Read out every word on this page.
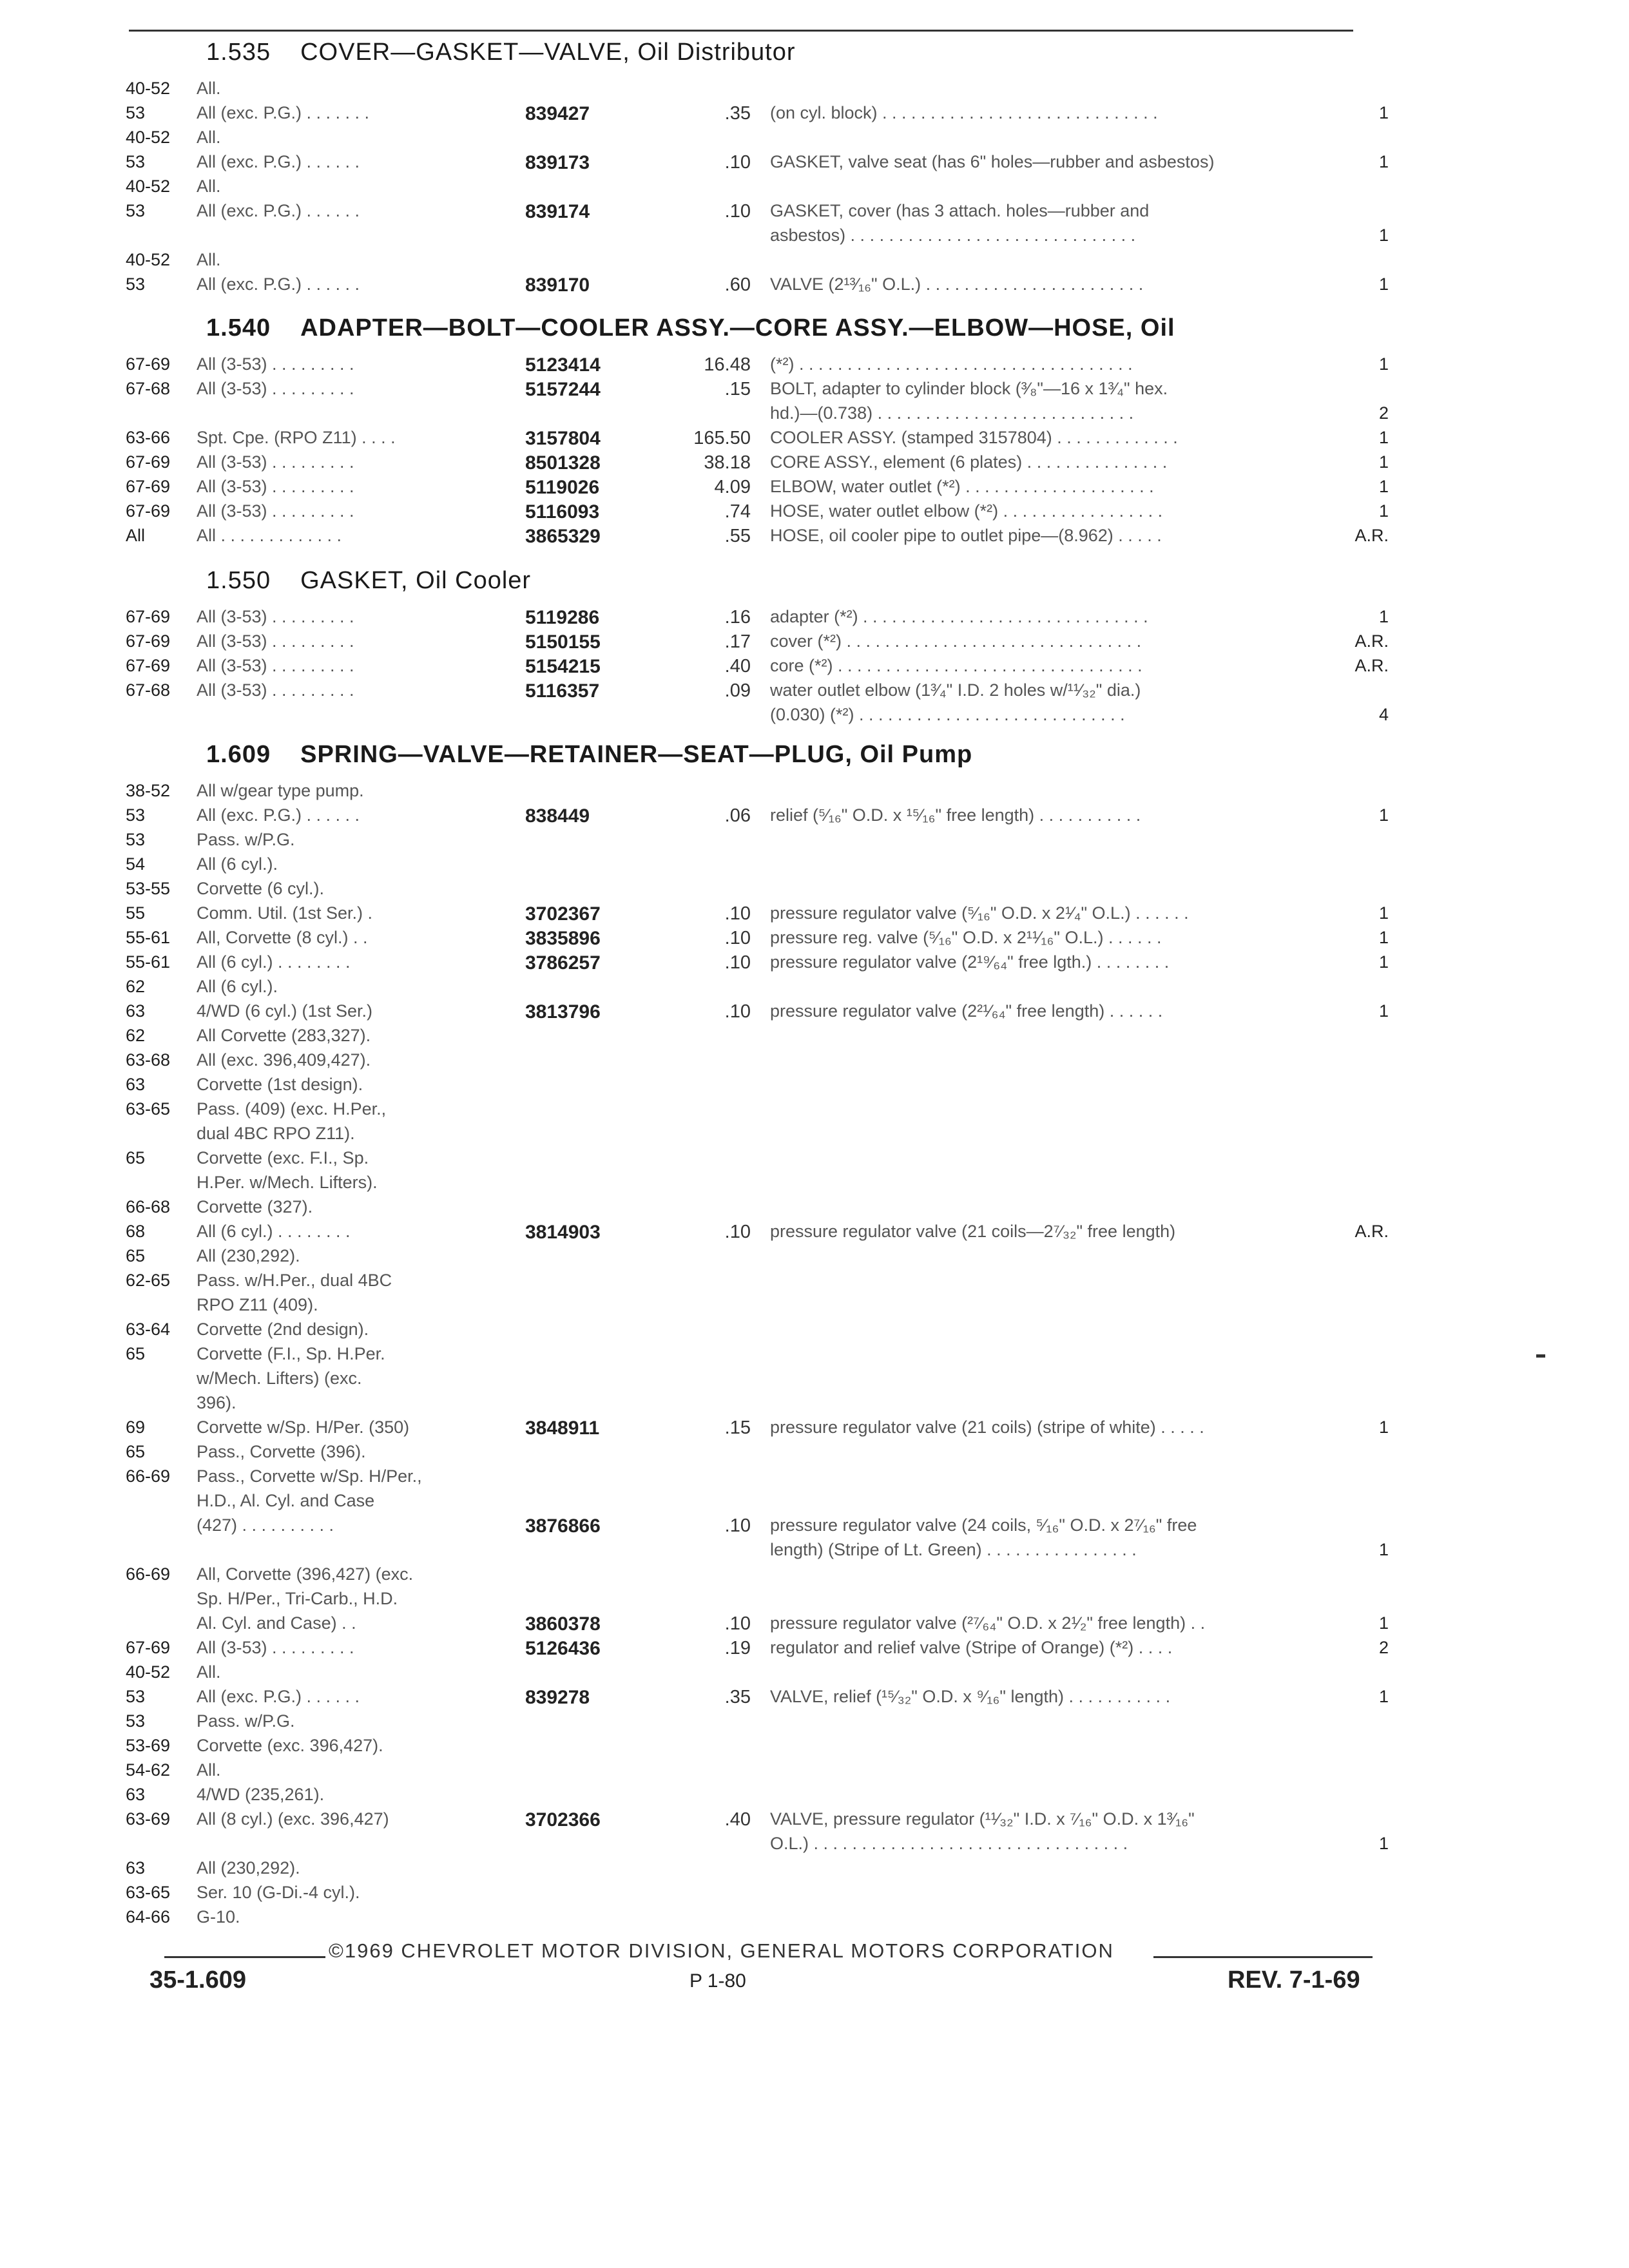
1.535 COVER—GASKET—VALVE, Oil Distributor
40-52 All.
53	All (exc. P.G.) . . . . . . .	839427	.35 (on cyl. block) . . . . . . . . . . . . . . . . . . . . . . . . . . . . .	1
40-52 All.
53	All (exc. P.G.) . . . . . .	839173	.10 GASKET, valve seat (has 6" holes—rubber and asbestos)	1
40-52 All.
53	All (exc. P.G.) . . . . . .	839174	.10 GASKET, cover (has 3 attach. holes—rubber and
asbestos) . . . . . . . . . . . . . . . . . . . . . . . . . . . . . .	1
40-52 All.
53	All (exc. P.G.) . . . . . .	839170	.60 VALVE (2¹³⁄₁₆" O.L.) . . . . . . . . . . . . . . . . . . . . . . .	1
1.540 ADAPTER—BOLT—COOLER ASSY.—CORE ASSY.—ELBOW—HOSE, Oil
67-69 All (3-53) . . . . . . . . .	5123414	16.48 (*²) . . . . . . . . . . . . . . . . . . . . . . . . . . . . . . . . . . .	1
67-68 All (3-53) . . . . . . . . .	5157244	.15 BOLT, adapter to cylinder block (³⁄₈"—16 x 1³⁄₄" hex.
hd.)—(0.738) . . . . . . . . . . . . . . . . . . . . . . . . . . .	2
63-66 Spt. Cpe. (RPO Z11) . . . .	3157804	165.50 COOLER ASSY. (stamped 3157804) . . . . . . . . . . . . .	1
67-69 All (3-53) . . . . . . . . .	8501328	38.18 CORE ASSY., element (6 plates) . . . . . . . . . . . . . . .	1
67-69 All (3-53) . . . . . . . . .	5119026	4.09 ELBOW, water outlet (*²) . . . . . . . . . . . . . . . . . . . .	1
67-69 All (3-53) . . . . . . . . .	5116093	.74 HOSE, water outlet elbow (*²) . . . . . . . . . . . . . . . . .	1
All	All . . . . . . . . . . . . .	3865329	.55 HOSE, oil cooler pipe to outlet pipe—(8.962) . . . . .	A.R.
1.550 GASKET, Oil Cooler
67-69 All (3-53) . . . . . . . . .	5119286	.16 adapter (*²) . . . . . . . . . . . . . . . . . . . . . . . . . . . . . .	1
67-69 All (3-53) . . . . . . . . .	5150155	.17 cover (*²) . . . . . . . . . . . . . . . . . . . . . . . . . . . . . . .	A.R.
67-69 All (3-53) . . . . . . . . .	5154215	.40 core (*²) . . . . . . . . . . . . . . . . . . . . . . . . . . . . . . . .	A.R.
67-68 All (3-53) . . . . . . . . .	5116357	.09 water outlet elbow (1³⁄₄" I.D. 2 holes w/¹¹⁄₃₂" dia.)
(0.030) (*²) . . . . . . . . . . . . . . . . . . . . . . . . . . . .	4
1.609 SPRING—VALVE—RETAINER—SEAT—PLUG, Oil Pump
38-52 All w/gear type pump.
53	All (exc. P.G.) . . . . . .	838449	.06 relief (⁵⁄₁₆" O.D. x ¹⁵⁄₁₆" free length) . . . . . . . . . . .	1
53	Pass. w/P.G.
54	All (6 cyl.).
53-55 Corvette (6 cyl.).
55	Comm. Util. (1st Ser.) .	3702367	.10 pressure regulator valve (⁵⁄₁₆" O.D. x 2¹⁄₄" O.L.) . . . . . .	1
55-61 All, Corvette (8 cyl.) . .	3835896	.10 pressure reg. valve (⁵⁄₁₆" O.D. x 2¹¹⁄₁₆" O.L.) . . . . . .	1
55-61 All (6 cyl.) . . . . . . . .	3786257	.10 pressure regulator valve (2¹⁹⁄₆₄" free lgth.) . . . . . . . .	1
62	All (6 cyl.).
63	4/WD (6 cyl.) (1st Ser.)	3813796	.10 pressure regulator valve (2²¹⁄₆₄" free length) . . . . . .	1
62	All Corvette (283,327).
63-68 All (exc. 396,409,427).
63	Corvette (1st design).
63-65 Pass. (409) (exc. H.Per.,
dual 4BC RPO Z11).
65	Corvette (exc. F.I., Sp.
H.Per. w/Mech. Lifters).
66-68 Corvette (327).
68	All (6 cyl.) . . . . . . . .	3814903	.10 pressure regulator valve (21 coils—2⁷⁄₃₂" free length)	A.R.
65	All (230,292).
62-65 Pass. w/H.Per., dual 4BC
RPO Z11 (409).
63-64 Corvette (2nd design).
65	Corvette (F.I., Sp. H.Per.
w/Mech. Lifters) (exc.
396).
69	Corvette w/Sp. H/Per. (350)	3848911	.15 pressure regulator valve (21 coils) (stripe of white) . . . . .	1
65	Pass., Corvette (396).
66-69 Pass., Corvette w/Sp. H/Per.,
H.D., Al. Cyl. and Case
(427) . . . . . . . . . .	3876866	.10 pressure regulator valve (24 coils, ⁵⁄₁₆" O.D. x 2⁷⁄₁₆" free
length) (Stripe of Lt. Green) . . . . . . . . . . . . . . . .	1
66-69 All, Corvette (396,427) (exc.
Sp. H/Per., Tri-Carb., H.D.
Al. Cyl. and Case) . .	3860378	.10 pressure regulator valve (²⁷⁄₆₄" O.D. x 2¹⁄₂" free length) . .	1
67-69 All (3-53) . . . . . . . . .	5126436	.19 regulator and relief valve (Stripe of Orange) (*²) . . . .	2
40-52 All.
53	All (exc. P.G.) . . . . . .	839278	.35 VALVE, relief (¹⁵⁄₃₂" O.D. x ⁹⁄₁₆" length) . . . . . . . . . . .	1
53	Pass. w/P.G.
53-69 Corvette (exc. 396,427).
54-62 All.
63	4/WD (235,261).
63-69 All (8 cyl.) (exc. 396,427)	3702366	.40 VALVE, pressure regulator (¹¹⁄₃₂" I.D. x ⁷⁄₁₆" O.D. x 1³⁄₁₆"
O.L.) . . . . . . . . . . . . . . . . . . . . . . . . . . . . . . . . .	1
63	All (230,292).
63-65 Ser. 10 (G-Di.-4 cyl.).
64-66 G-10.
©1969 CHEVROLET MOTOR DIVISION, GENERAL MOTORS CORPORATION
35-1.609	P 1-80	REV. 7-1-69
